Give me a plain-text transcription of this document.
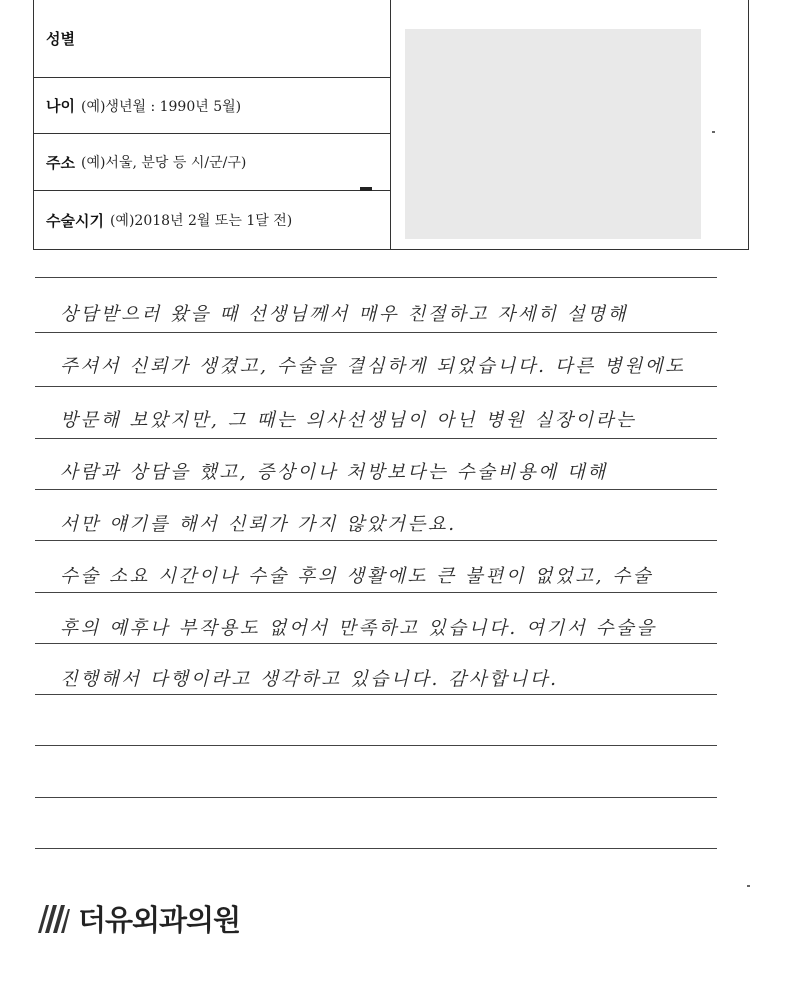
성별
나이 (예)생년월 : 1990년 5월)
주소 (예)서울, 분당 등 시/군/구)
수술시기 (예)2018년 2월 또는 1달 전)
상담받으러 왔을 때 선생님께서 매우 친절하고 자세히 설명해
주셔서 신뢰가 생겼고, 수술을 결심하게 되었습니다. 다른 병원에도
방문해 보았지만, 그 때는 의사선생님이 아닌 병원 실장이라는
사람과 상담을 했고, 증상이나 처방보다는 수술비용에 대해
서만 얘기를 해서 신뢰가 가지 않았거든요.
수술 소요 시간이나 수술 후의 생활에도 큰 불편이 없었고, 수술
후의 예후나 부작용도 없어서 만족하고 있습니다. 여기서 수술을
진행해서 다행이라고 생각하고 있습니다. 감사합니다.
더유외과의원
